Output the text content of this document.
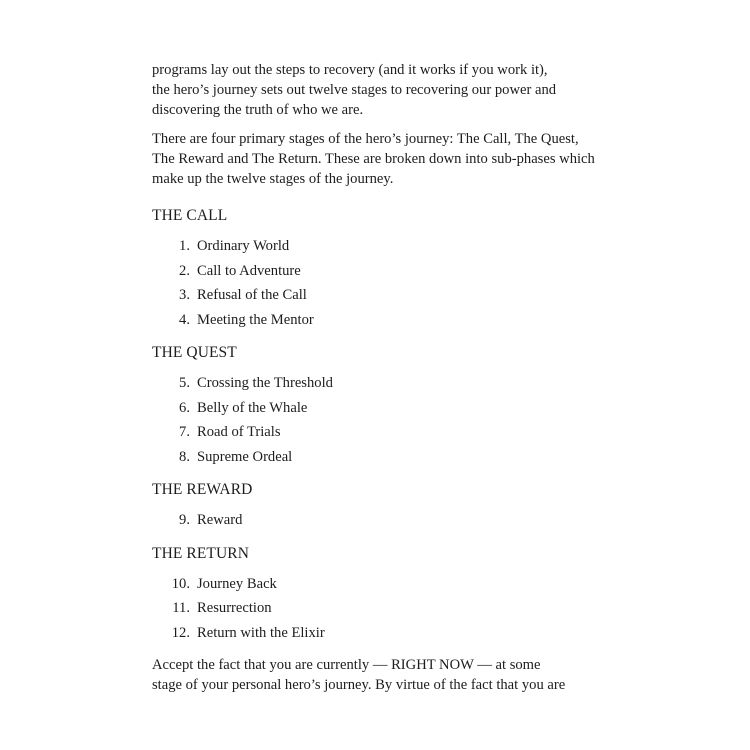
programs lay out the steps to recovery (and it works if you work it),
the hero’s journey sets out twelve stages to recovering our power and
discovering the truth of who we are.

There are four primary stages of the hero’s journey: The Call, The Quest,
The Reward and The Return. These are broken down into sub-phases which
make up the twelve stages of the journey.

THE CALL
1. Ordinary World
2. Call to Adventure
3. Refusal of the Call
4. Meeting the Mentor
THE QUEST
5. Crossing the Threshold
6. Belly of the Whale
7. Road of Trials
8. Supreme Ordeal
THE REWARD
9. Reward
THE RETURN
10. Journey Back
11. Resurrection
12. Return with the Elixir

Accept the fact that you are currently — RIGHT NOW — at some
stage of your personal hero’s journey. By virtue of the fact that you are
